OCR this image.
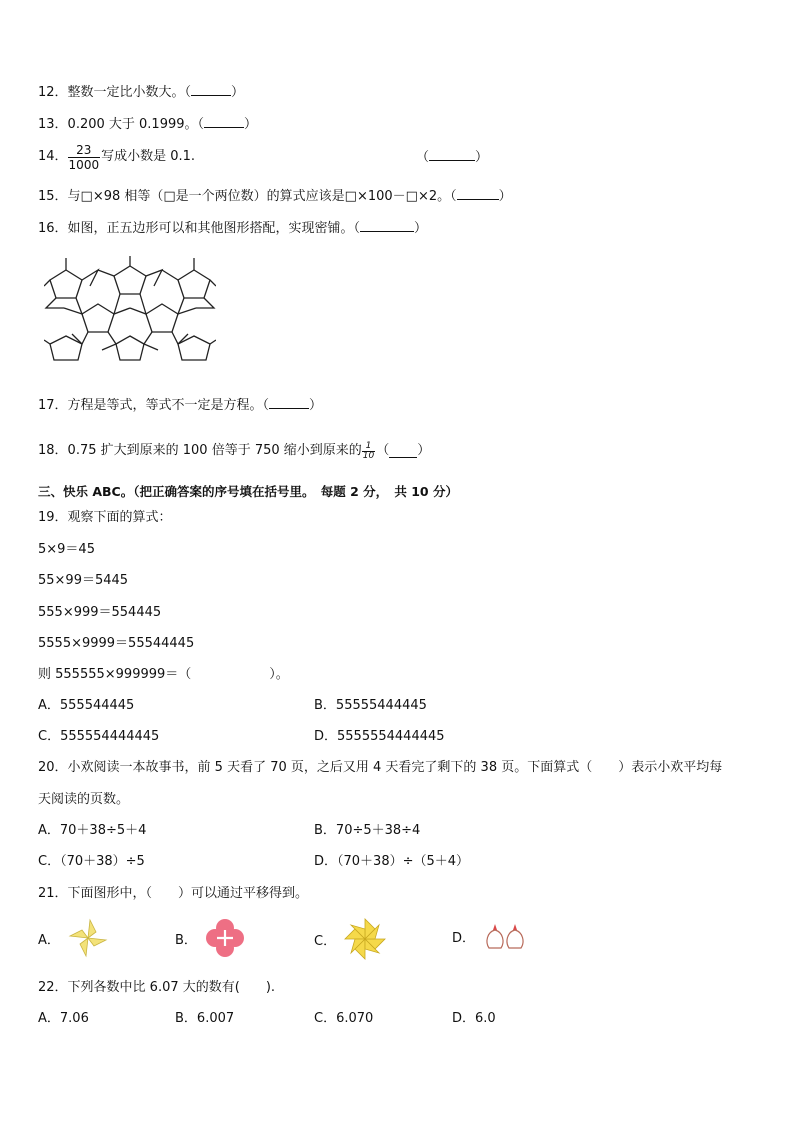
12．整数一定比小数大。（	）
13．0.200 大于 0.1999。（	）
14． $\frac{23}{1000}$ 写成小数是 0.1.	（	）
15．与□×98 相等（□是一个两位数）的算式应该是□×100－□×2。（	）
16．如图，正五边形可以和其他图形搭配，实现密铺。（	）
17．方程是等式，等式不一定是方程。（	）
18．0.75 扩大到原来的 100 倍等于 750 缩小到原来的 $\frac{1}{10}$ （ ）
三、快乐 ABC。（把正确答案的序号填在括号里。　每题 2 分，　共 10 分）
19．观察下面的算式：
5×9＝45
55×99＝5445
555×999＝554445
5555×9999＝55544445
则 555555×999999＝（　　　　　　）。
A．555544445	B．55555444445
C．555554444445	D．5555554444445
20．小欢阅读一本故事书，前 5 天看了 70 页，之后又用 4 天看完了剩下的 38 页。下面算式（　　）表示小欢平均每
天阅读的页数。
A．70＋38÷5＋4	B．70÷5＋38÷4
C．（70＋38）÷5	D．（70＋38）÷（5＋4）
21．下面图形中，（　　）可以通过平移得到。
A．	B．	C．	D．
22．下列各数中比 6.07 大的数有(　　).
A．7.06	B．6.007	C．6.070	D．6.0
